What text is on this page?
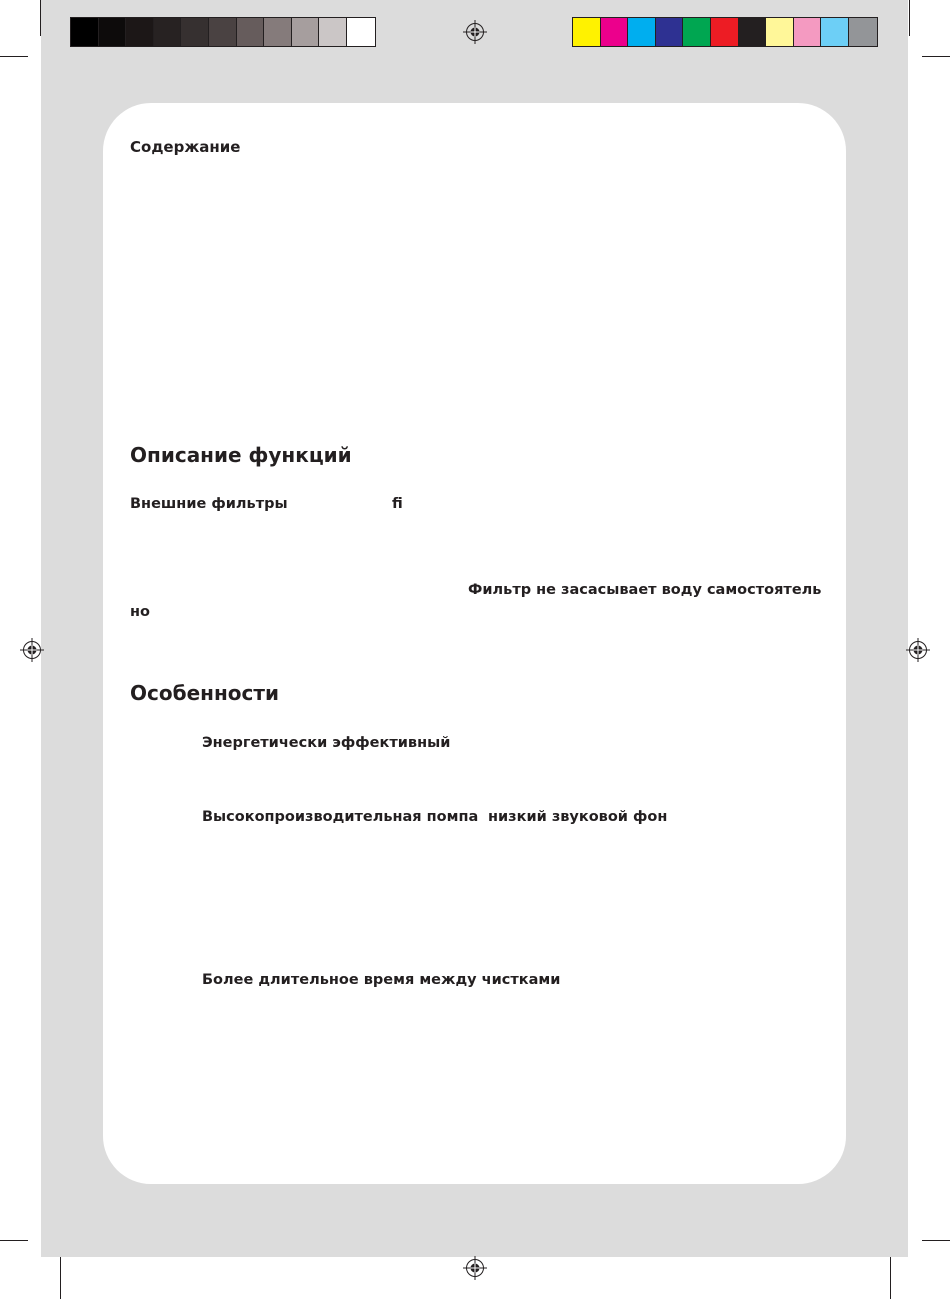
Содержание
Описание функций
Внешние фильтры	ﬁ
Фильтр не засасывает воду самостоятель
но
Особенности
Энергетически эффективный
Высокопроизводительная помпа низкий звуковой фон
Более длительное время между чистками
